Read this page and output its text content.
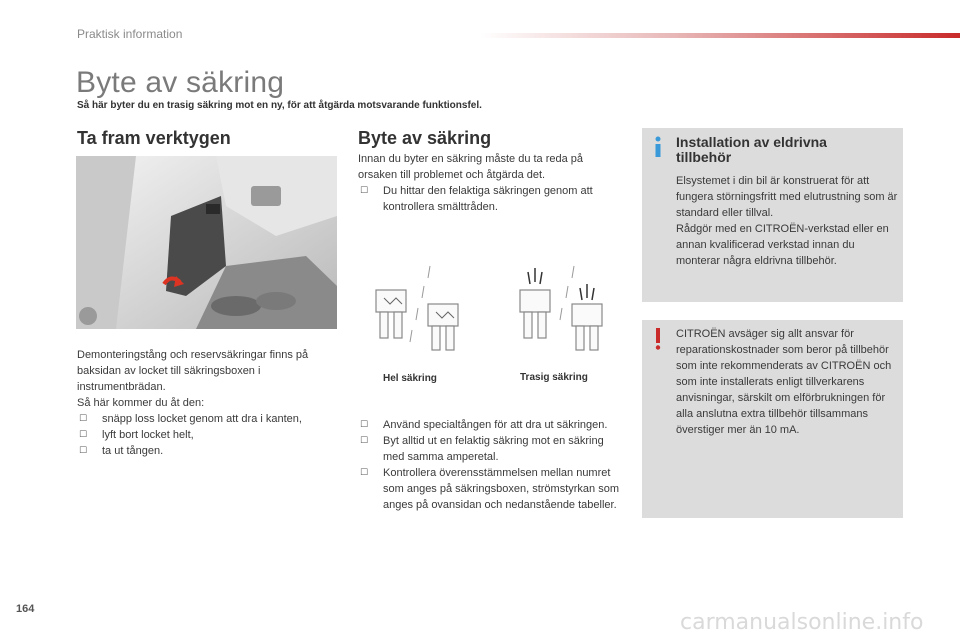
Praktisk information
Byte av säkring
Så här byter du en trasig säkring mot en ny, för att åtgärda motsvarande funktionsfel.
Ta fram verktygen	Byte av säkring

Demonteringstång och reservsäkringar finns på baksidan av locket till säkringsboxen i instrumentbrädan.

Så här kommer du åt den:

☐ snäpp loss locket genom att dra i kanten,
☐ lyft bort locket helt,
☐ ta ut tången.

Innan du byter en säkring måste du ta reda på orsaken till problemet och åtgärda det.

☐ Du hittar den felaktiga säkringen genom att kontrollera smälttråden.
Hel säkring	Trasig säkring
☐ Använd specialtången för att dra ut säkringen.
☐ Byt alltid ut en felaktig säkring mot en säkring med samma amperetal.
☐ Kontrollera överensstämmelsen mellan numret som anges på säkringsboxen, strömstyrkan som anges på ovansidan och nedanstående tabeller.
Installation av eldrivna tillbehör
Elsystemet i din bil är konstruerat för att fungera störningsfritt med elutrustning som är standard eller tillval.
Rådgör med en CITROËN-verkstad eller en annan kvalificerad verkstad innan du monterar några eldrivna tillbehör.
CITROËN avsäger sig allt ansvar för reparationskostnader som beror på tillbehör som inte rekommenderats av CITROËN och som inte installerats enligt tillverkarens anvisningar, särskilt om elförbrukningen för alla anslutna extra tillbehör tillsammans överstiger mer än 10 mA.
164
carmanualsonline.info
